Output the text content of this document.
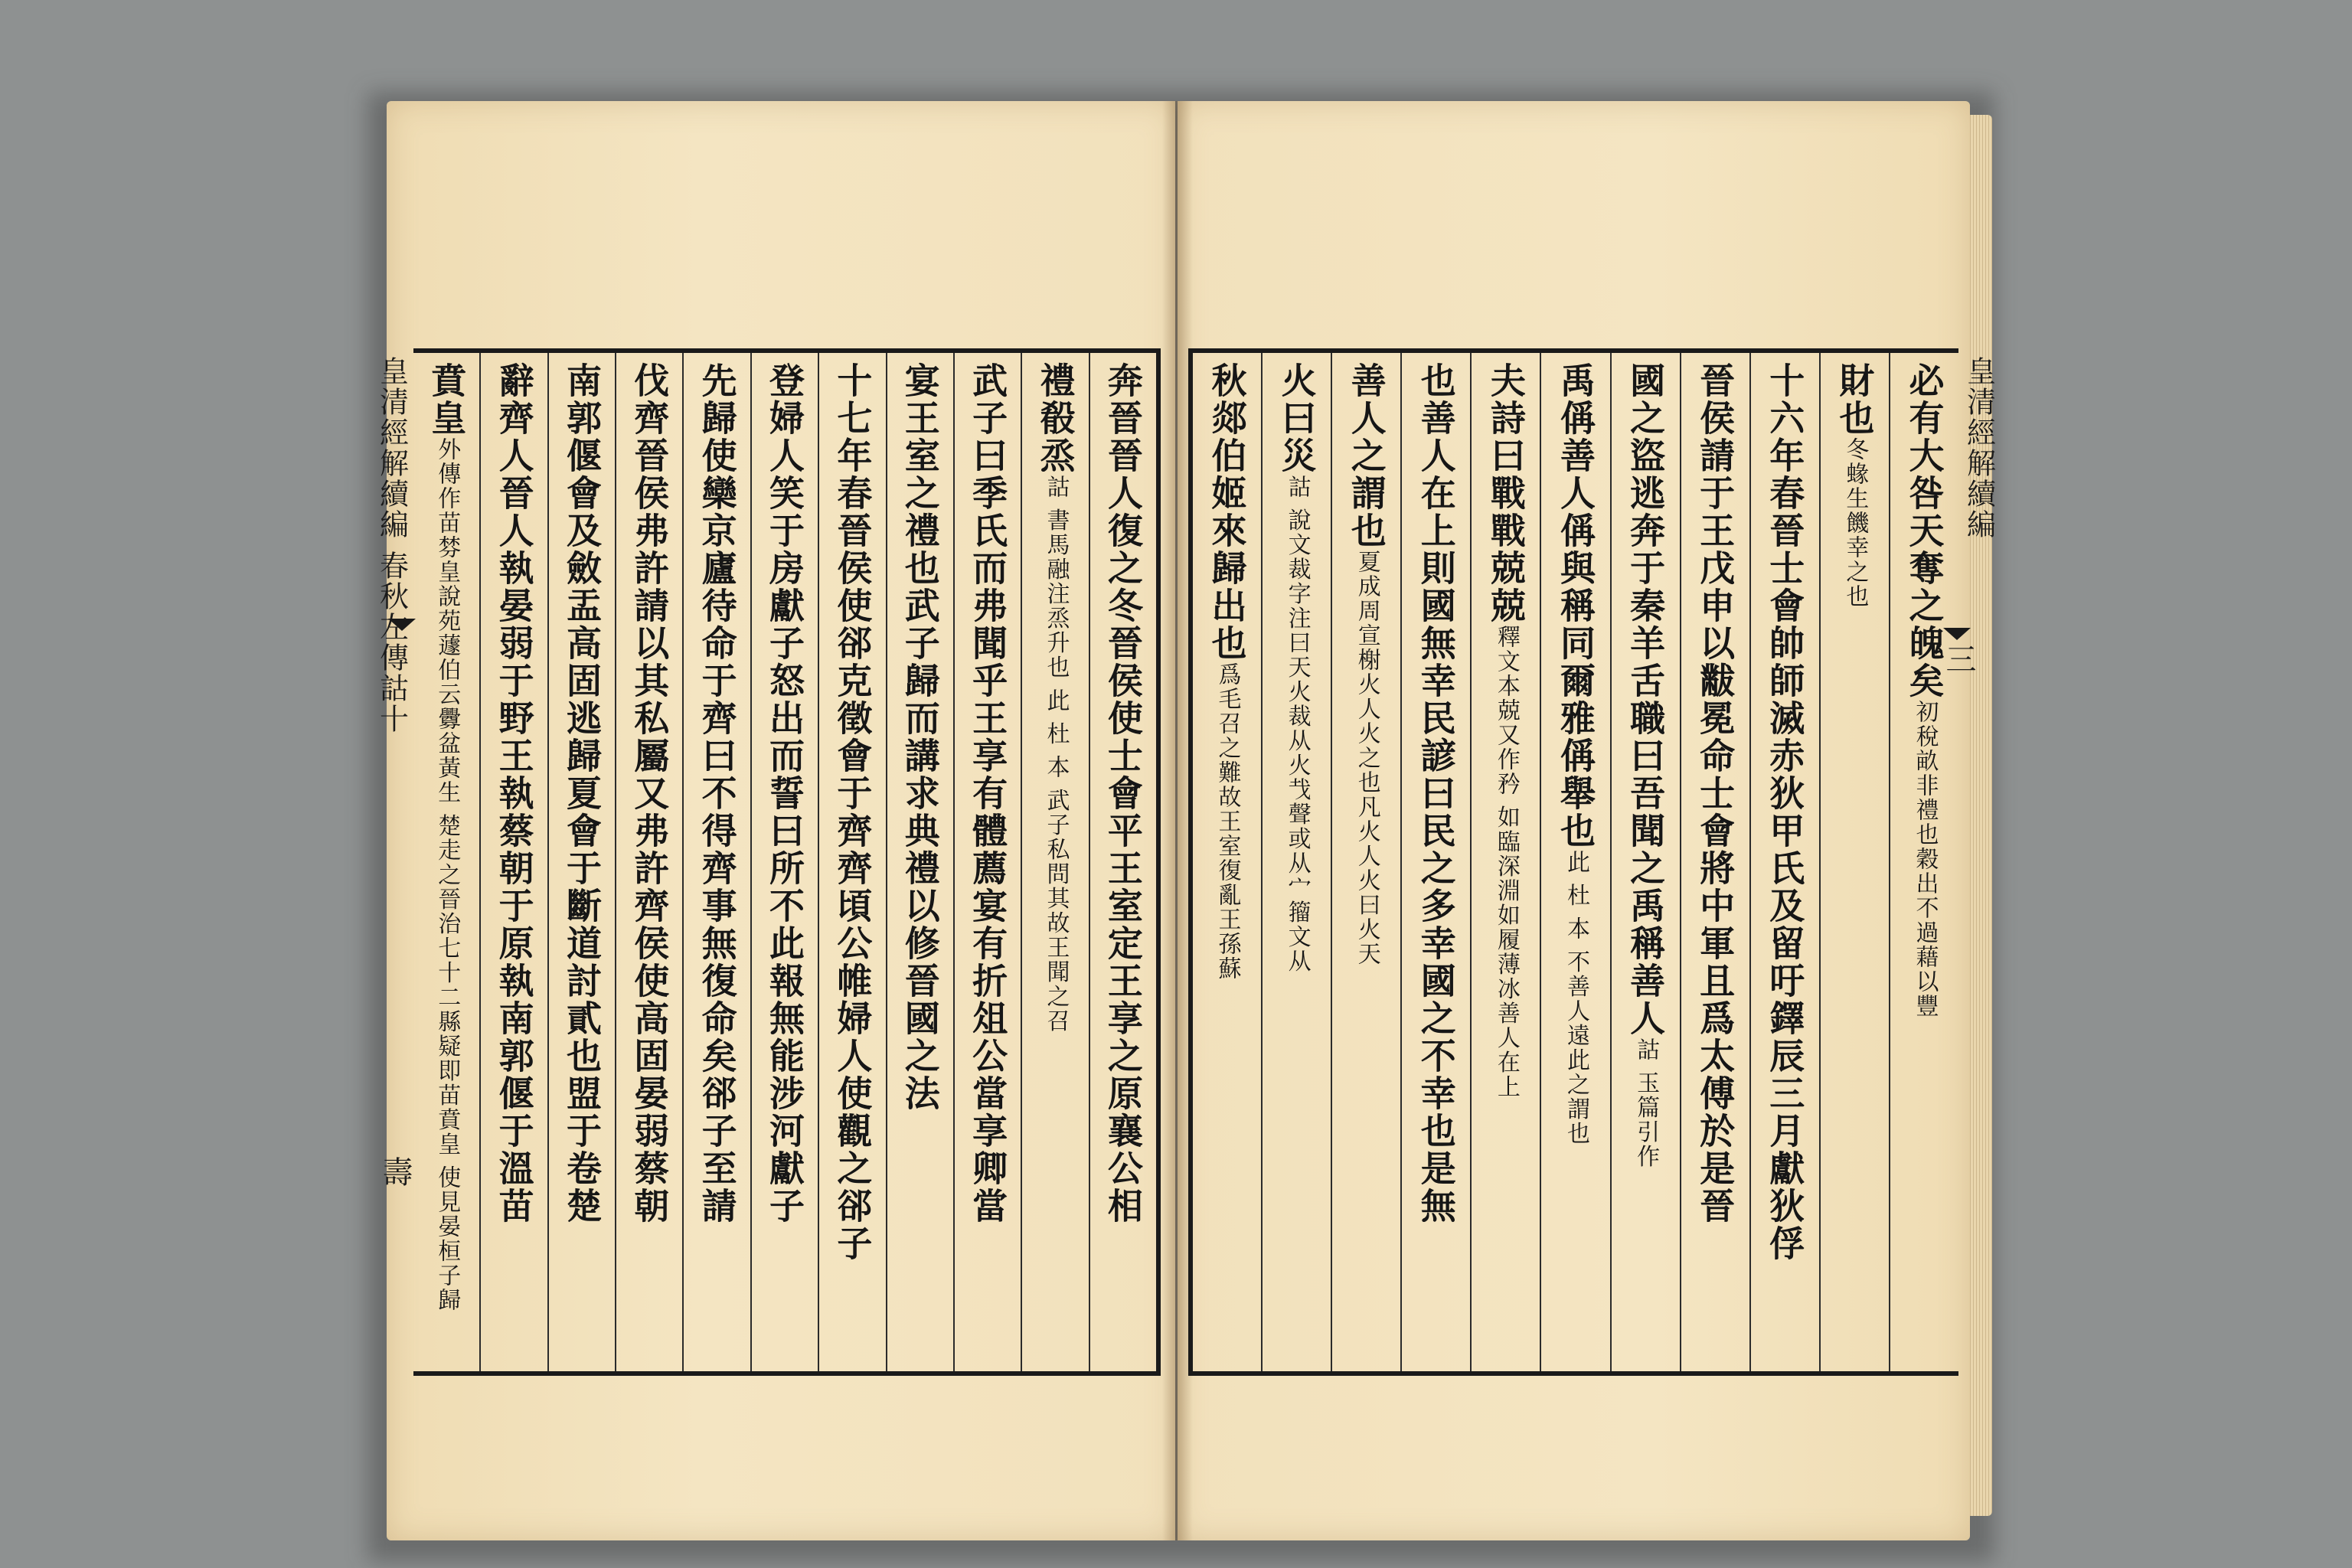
奔晉晉人復之冬晉侯使士會平王室定王享之原襄公相
禮殽烝詁 書馬融注烝升也 此 杜 本 武子私問其故王聞之召
武子曰季氏而弗聞乎王享有體薦宴有折俎公當享卿當
宴王室之禮也武子歸而講求典禮以修晉國之法
十七年春晉侯使郤克徵會于齊齊頃公帷婦人使觀之郤子
登婦人笑于房獻子怒出而誓曰所不此報無能涉河獻子
先歸使欒京廬待命于齊曰不得齊事無復命矣郤子至請
伐齊晉侯弗許請以其私屬又弗許齊侯使高固晏弱蔡朝
南郭偃會及斂盂高固逃歸夏會于斷道討貳也盟于卷楚
辭齊人晉人執晏弱于野王執蔡朝于原執南郭偃于溫苗
賁皇外傳作苗棼皇說苑蘧伯云釁盆黃生 楚走之晉治七十二縣疑即苗賁皇 使見晏桓子歸	必有大咎天奪之魄矣初稅畝非禮也穀出不過藉以豐
財也冬蝝生饑幸之也
十六年春晉士會帥師滅赤狄甲氏及留吁鐸辰三月獻狄俘
晉侯請于王戊申以黻冕命士會將中軍且爲太傅於是晉
國之盜逃奔于秦羊舌職曰吾聞之禹稱善人詁 玉篇引作
禹偁善人偁與稱同爾雅偁舉也此 杜 本 不善人遠此之謂也
夫詩曰戰戰兢兢釋文本兢又作矜 如臨深淵如履薄冰善人在上
也善人在上則國無幸民諺曰民之多幸國之不幸也是無
善人之謂也夏成周宣榭火人火之也凡火人火曰火天
火曰災詁 說文裁字注曰天火裁从火𢦏聲或从宀籀文从
秋郯伯姬來歸出也爲毛召之難故王室復亂王孫蘇
皇清經解續編 春秋左傳詁十	皇清經解續編
壽
三
